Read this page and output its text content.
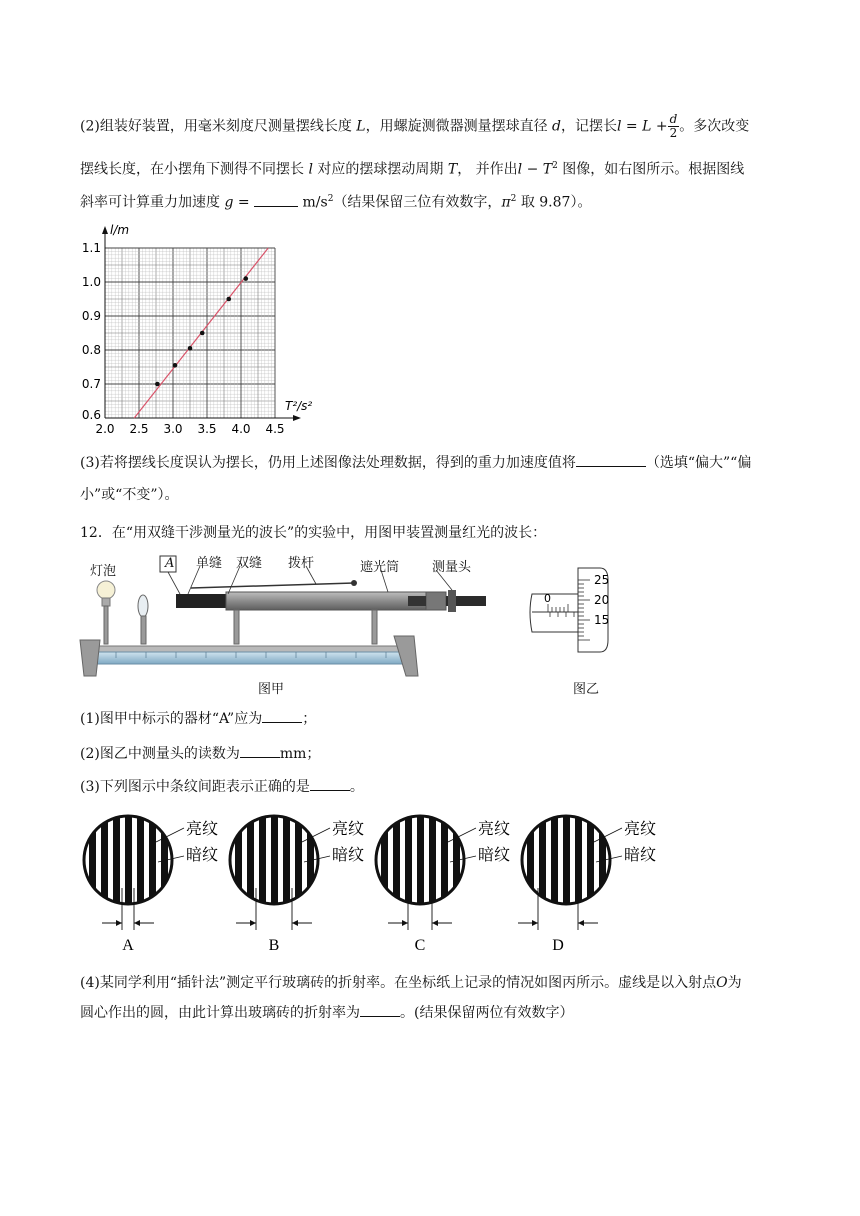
(2)组装好装置，用毫米刻度尺测量摆线长度 L，用螺旋测微器测量摆球直径 d，记摆长$l = L + \frac{d}{2}$ 。多次改变
摆线长度，在小摆角下测得不同摆长 l 对应的摆球摆动周期 T， 并作出$l - T^2$ 图像，如右图所示。根据图线
斜率可计算重力加速度 g =	$m/s^2$（结果保留三位有效数字，$\pi^2$ 取 9.87）。
2.0 2.5 3.0 3.5 4.0 4.5
0.6
0.7
0.8
0.9
1.0
1.1
T²/s²
l/m
(3)若将摆线长度误认为摆长，仍用上述图像法处理数据，得到的重力加速度值将	（选填“偏大”“偏
小”或“不变”）。
12．在“用双缝干涉测量光的波长”的实验中，用图甲装置测量红光的波长：
灯泡
A 单缝 双缝 拨杆	遮光筒	测量头
图甲
25
20
15
0
图乙
(1)图甲中标示的器材“A”应为	；
(2)图乙中测量头的读数为	mm；
(3)下列图示中条纹间距表示正确的是	。
亮纹
暗纹
A
亮纹
暗纹
B
亮纹
暗纹
C
亮纹
暗纹
D
(4)某同学利用“插针法”测定平行玻璃砖的折射率。在坐标纸上记录的情况如图丙所示。虚线是以入射点O为
圆心作出的圆，由此计算出玻璃砖的折射率为	。(结果保留两位有效数字）
